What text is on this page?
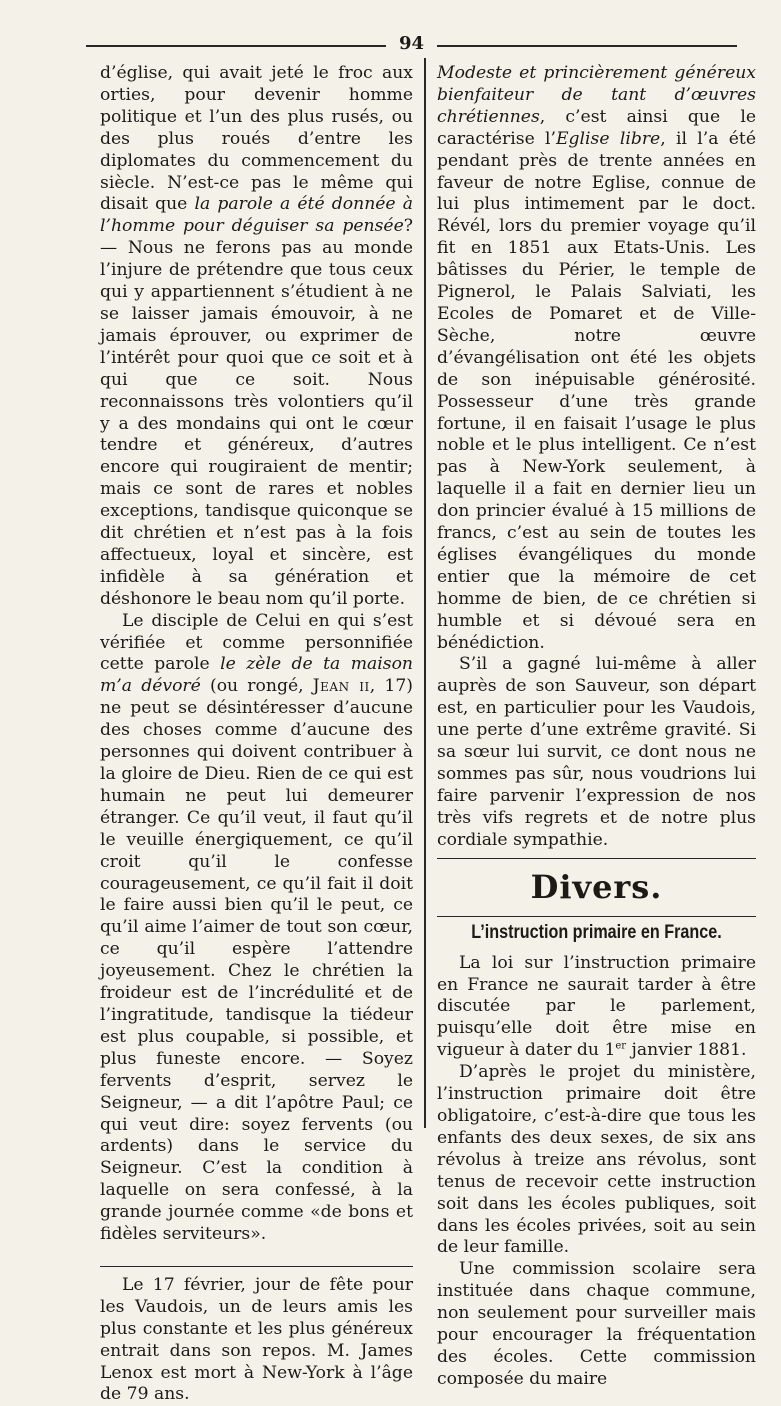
94

d’église, qui avait jeté le froc aux orties, pour devenir homme politique et l’un des plus rusés, ou des plus roués d’entre les diplomates du commencement du siècle. N’est-ce pas le même qui disait que la parole a été donnée à l’homme pour déguiser sa pensée? — Nous ne ferons pas au monde l’injure de prétendre que tous ceux qui y appartiennent s’étudient à ne se laisser jamais émouvoir, à ne jamais éprouver, ou exprimer de l’intérêt pour quoi que ce soit et à qui que ce soit. Nous reconnaissons très volontiers qu’il y a des mondains qui ont le cœur tendre et généreux, d’autres encore qui rougiraient de mentir; mais ce sont de rares et nobles exceptions, tandisque quiconque se dit chrétien et n’est pas à la fois affectueux, loyal et sincère, est infidèle à sa génération et déshonore le beau nom qu’il porte.

Le disciple de Celui en qui s’est vérifiée et comme personnifiée cette parole le zèle de ta maison m’a dévoré (ou rongé, Jean ii, 17) ne peut se désintéresser d’aucune des choses comme d’aucune des personnes qui doivent contribuer à la gloire de Dieu. Rien de ce qui est humain ne peut lui demeurer étranger. Ce qu’il veut, il faut qu’il le veuille énergiquement, ce qu’il croit qu’il le confesse courageusement, ce qu’il fait il doit le faire aussi bien qu’il le peut, ce qu’il aime l’aimer de tout son cœur, ce qu’il espère l’attendre joyeusement. Chez le chrétien la froideur est de l’incrédulité et de l’ingratitude, tandisque la tiédeur est plus coupable, si possible, et plus funeste encore. — Soyez fervents d’esprit, servez le Seigneur, — a dit l’apôtre Paul; ce qui veut dire: soyez fervents (ou ardents) dans le service du Seigneur. C’est la condition à laquelle on sera confessé, à la grande journée comme «de bons et fidèles serviteurs».

Le 17 février, jour de fête pour les Vaudois, un de leurs amis les plus constante et les plus généreux entrait dans son repos. M. James Lenox est mort à New-York à l’âge de 79 ans.

Modeste et princièrement généreux bienfaiteur de tant d’œuvres chrétiennes, c’est ainsi que le caractérise l’Eglise libre, il l’a été pendant près de trente années en faveur de notre Eglise, connue de lui plus intimement par le doct. Révél, lors du premier voyage qu’il fit en 1851 aux Etats-Unis. Les bâtisses du Périer, le temple de Pignerol, le Palais Salviati, les Ecoles de Pomaret et de Ville-Sèche, notre œuvre d’évangélisation ont été les objets de son inépuisable générosité. Possesseur d’une très grande fortune, il en faisait l’usage le plus noble et le plus intelligent. Ce n’est pas à New-York seulement, à laquelle il a fait en dernier lieu un don princier évalué à 15 millions de francs, c’est au sein de toutes les églises évangéliques du monde entier que la mémoire de cet homme de bien, de ce chrétien si humble et si dévoué sera en bénédiction.

S’il a gagné lui-même à aller auprès de son Sauveur, son départ est, en particulier pour les Vaudois, une perte d’une extrême gravité. Si sa sœur lui survit, ce dont nous ne sommes pas sûr, nous voudrions lui faire parvenir l’expression de nos très vifs regrets et de notre plus cordiale sympathie.

Divers.
L’instruction primaire en France.

La loi sur l’instruction primaire en France ne saurait tarder à être discutée par le parlement, puisqu’elle doit être mise en vigueur à dater du 1er janvier 1881.

D’après le projet du ministère, l’instruction primaire doit être obligatoire, c’est-à-dire que tous les enfants des deux sexes, de six ans révolus à treize ans révolus, sont tenus de recevoir cette instruction soit dans les écoles publiques, soit dans les écoles privées, soit au sein de leur famille.

Une commission scolaire sera instituée dans chaque commune, non seulement pour surveiller mais pour encourager la fréquentation des écoles. Cette commission composée du maire
